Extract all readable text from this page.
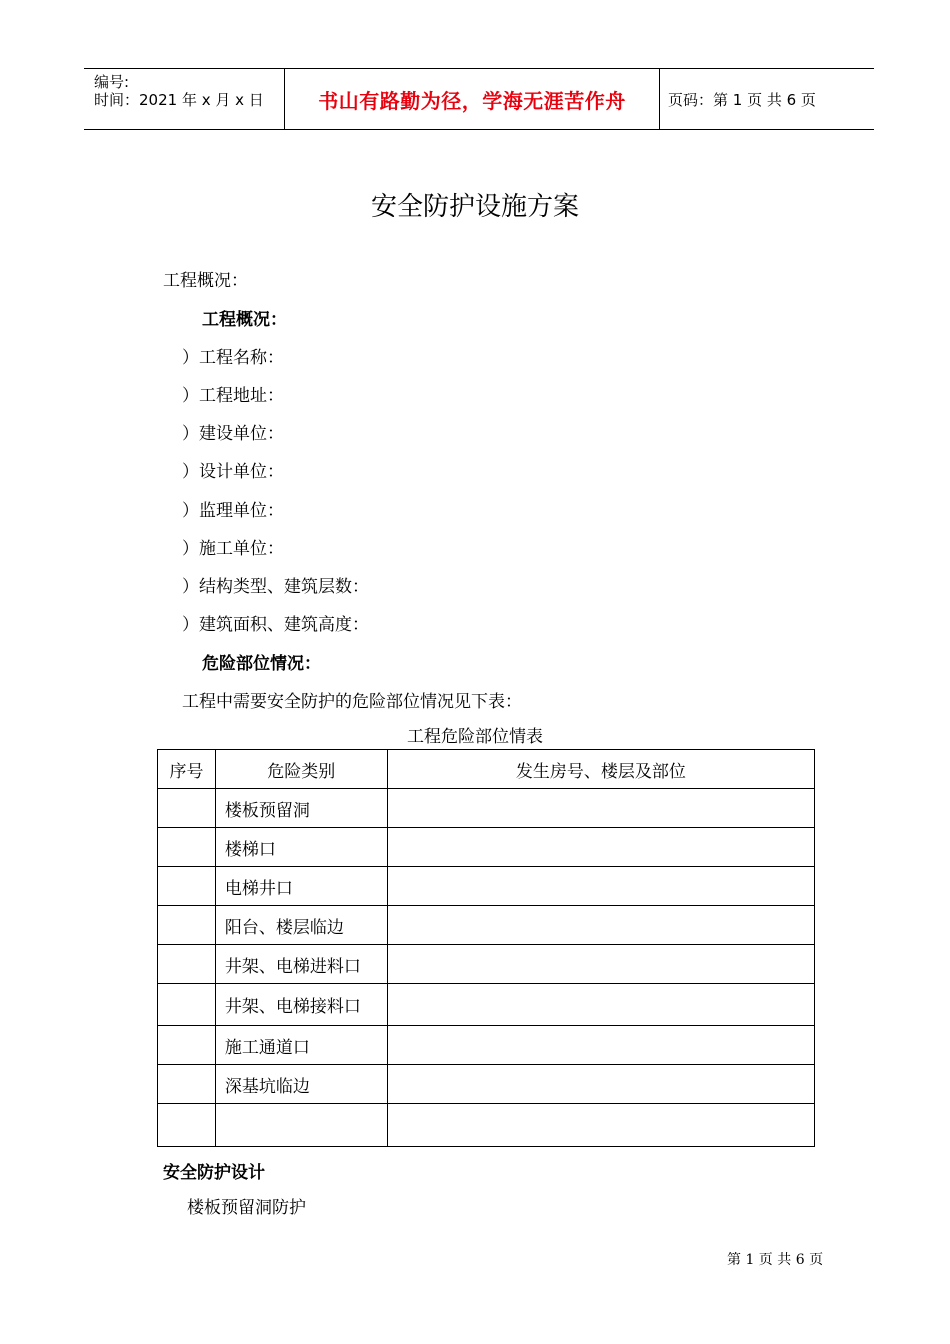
编号:
时间：2021 年 x 月 x 日	书山有路勤为径，学海无涯苦作舟	页码：第 1 页 共 6 页
安全防护设施方案
工程概况：
工程概况：
）工程名称：
）工程地址：
）建设单位：
）设计单位：
）监理单位：
）施工单位：
）结构类型、建筑层数：
）建筑面积、建筑高度：
危险部位情况：
工程中需要安全防护的危险部位情况见下表：
工程危险部位情表
序号	危险类别	发生房号、楼层及部位
	楼板预留洞	
	楼梯口	
	电梯井口	
	阳台、楼层临边	
	井架、电梯进料口	
	井架、电梯接料口	
	施工通道口	
	深基坑临边	

安全防护设计
楼板预留洞防护
第 1 页 共 6 页
